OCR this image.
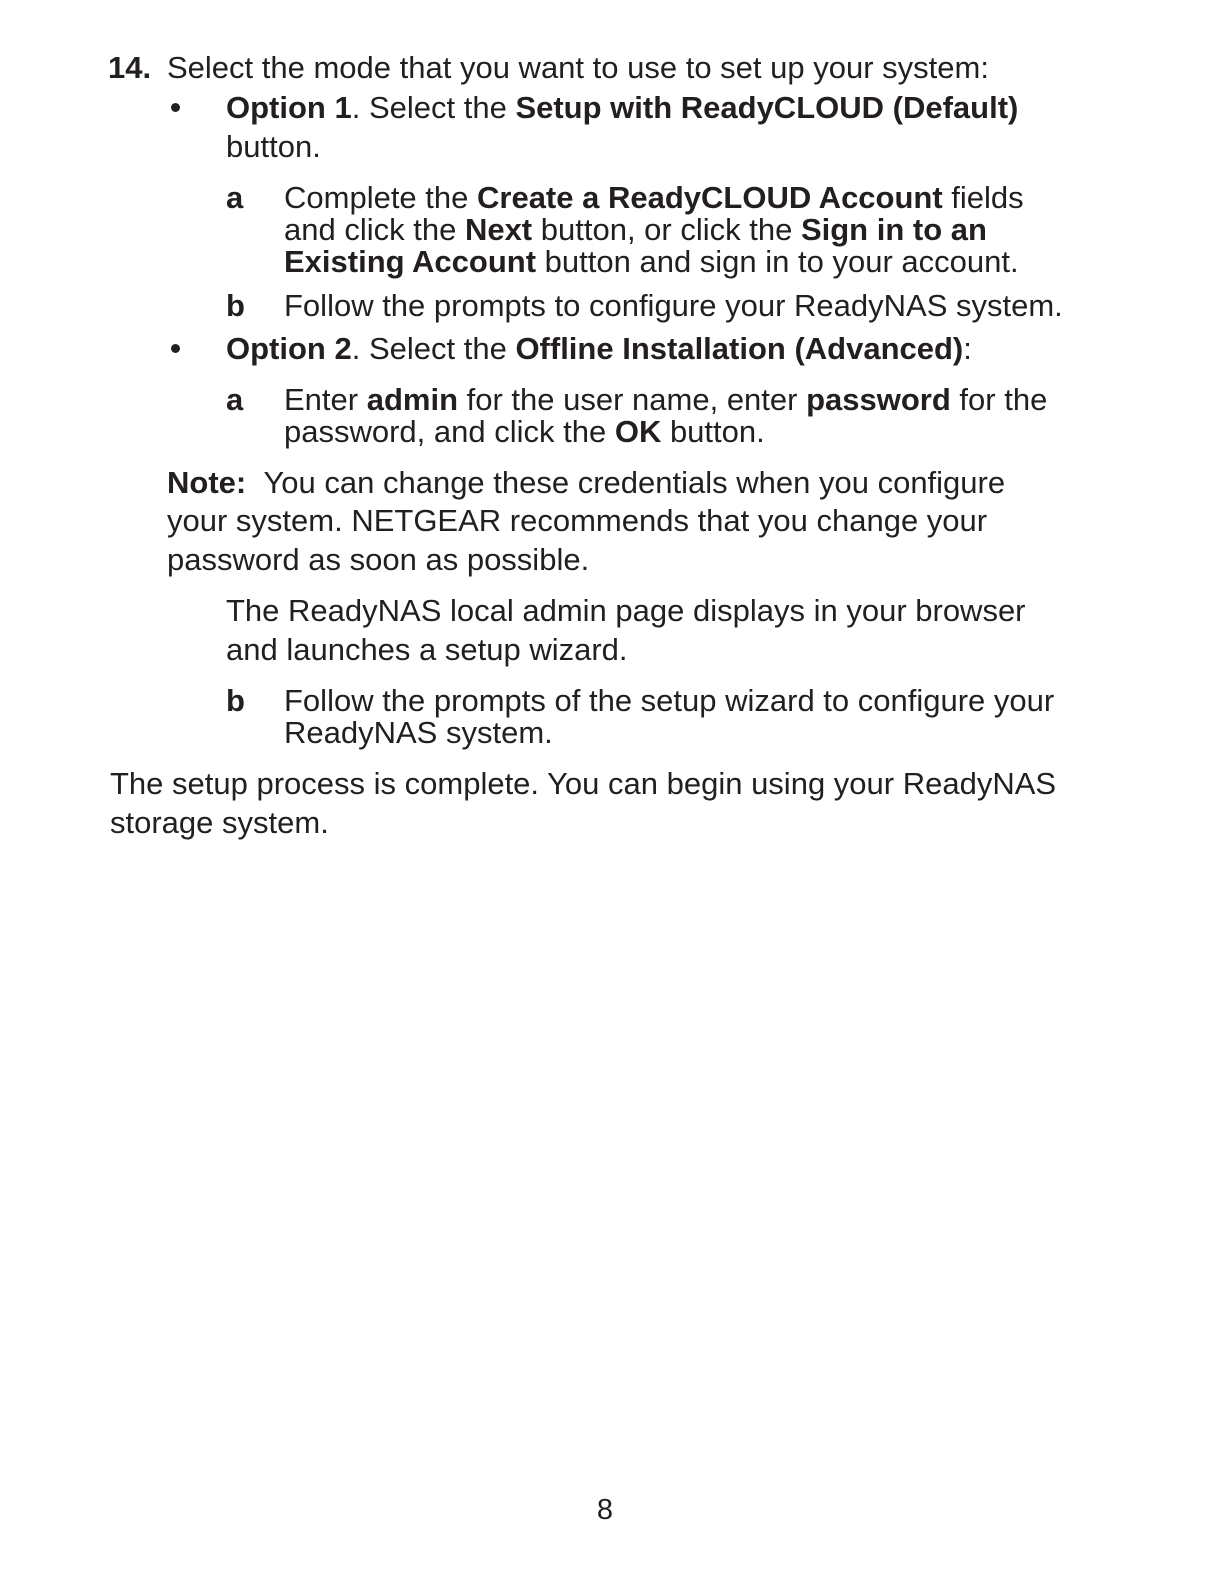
14. Select the mode that you want to use to set up your system:
Option 1. Select the Setup with ReadyCLOUD (Default)
button.
a Complete the Create a ReadyCLOUD Account fields
and click the Next button, or click the Sign in to an
Existing Account button and sign in to your account.
b Follow the prompts to configure your ReadyNAS system.
Option 2. Select the Offline Installation (Advanced):
a Enter admin for the user name, enter password for the
password, and click the OK button.
Note: You can change these credentials when you configure
your system. NETGEAR recommends that you change your
password as soon as possible.
The ReadyNAS local admin page displays in your browser
and launches a setup wizard.
b Follow the prompts of the setup wizard to configure your
ReadyNAS system.
The setup process is complete. You can begin using your ReadyNAS
storage system.
8
